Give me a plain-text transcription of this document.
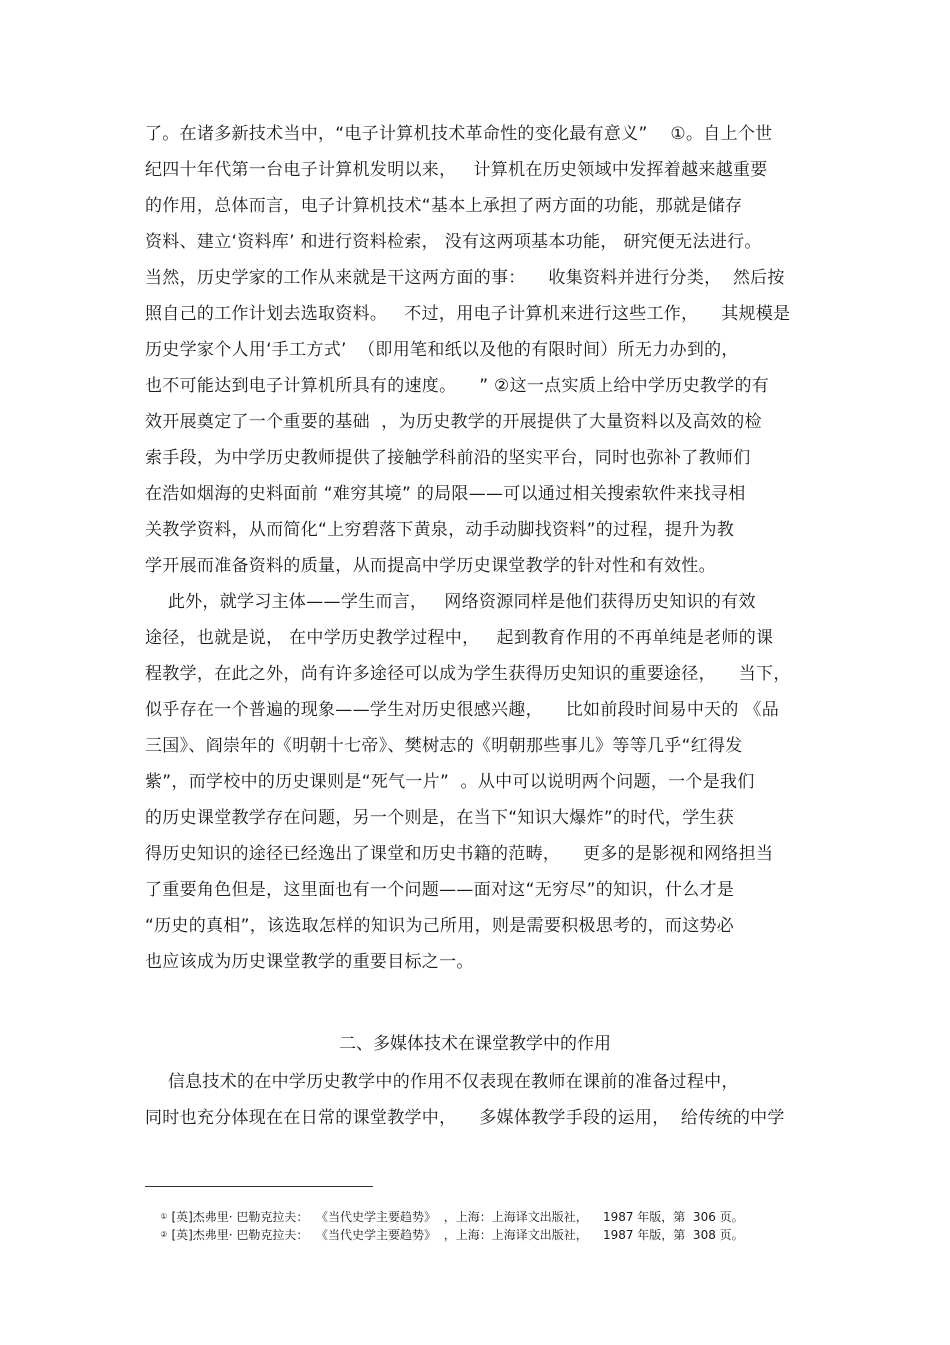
了。在诸多新技术当中，“电子计算机技术革命性的变化最有意义”    ①。自上个世
纪四十年代第一台电子计算机发明以来，   计算机在历史领域中发挥着越来越重要
的作用，总体而言，电子计算机技术“基本上承担了两方面的功能，那就是储存
资料、建立‘资料库’ 和进行资料检索， 没有这两项基本功能， 研究便无法进行。
当然，历史学家的工作从来就是干这两方面的事：    收集资料并进行分类，  然后按
照自己的工作计划去选取资料。   不过，用电子计算机来进行这些工作，    其规模是
历史学家个人用‘手工方式’  （即用笔和纸以及他的有限时间）所无力办到的，
也不可能达到电子计算机所具有的速度。    ” ②这一点实质上给中学历史教学的有
效开展奠定了一个重要的基础  ，为历史教学的开展提供了大量资料以及高效的检
索手段，为中学历史教师提供了接触学科前沿的坚实平台，同时也弥补了教师们
在浩如烟海的史料面前 “难穷其境” 的局限——可以通过相关搜索软件来找寻相
关教学资料，从而简化“上穷碧落下黄泉，动手动脚找资料”的过程，提升为教
学开展而准备资料的质量，从而提高中学历史课堂教学的针对性和有效性。
此外，就学习主体——学生而言，   网络资源同样是他们获得历史知识的有效
途径，也就是说， 在中学历史教学过程中，   起到教育作用的不再单纯是老师的课
程教学，在此之外，尚有许多途径可以成为学生获得历史知识的重要途径，    当下，
似乎存在一个普遍的现象——学生对历史很感兴趣，    比如前段时间易中天的 《品
三国》、阎崇年的《明朝十七帝》、樊树志的《明朝那些事儿》等等几乎“红得发
紫”，而学校中的历史课则是“死气一片”  。从中可以说明两个问题，一个是我们
的历史课堂教学存在问题，另一个则是，在当下“知识大爆炸”的时代，学生获
得历史知识的途径已经逸出了课堂和历史书籍的范畴，    更多的是影视和网络担当
了重要角色但是，这里面也有一个问题——面对这“无穷尽”的知识，什么才是
“历史的真相”，该选取怎样的知识为己所用，则是需要积极思考的，而这势必
也应该成为历史课堂教学的重要目标之一。
二、多媒体技术在课堂教学中的作用
信息技术的在中学历史教学中的作用不仅表现在教师在课前的准备过程中，
同时也充分体现在在日常的课堂教学中，    多媒体教学手段的运用，  给传统的中学

① [英]杰弗里· 巴勒克拉夫：  《当代史学主要趋势》  ，上海：上海译文出版社，    1987 年版，第  306 页。

② [英]杰弗里· 巴勒克拉夫：  《当代史学主要趋势》  ，上海：上海译文出版社，    1987 年版，第  308 页。
